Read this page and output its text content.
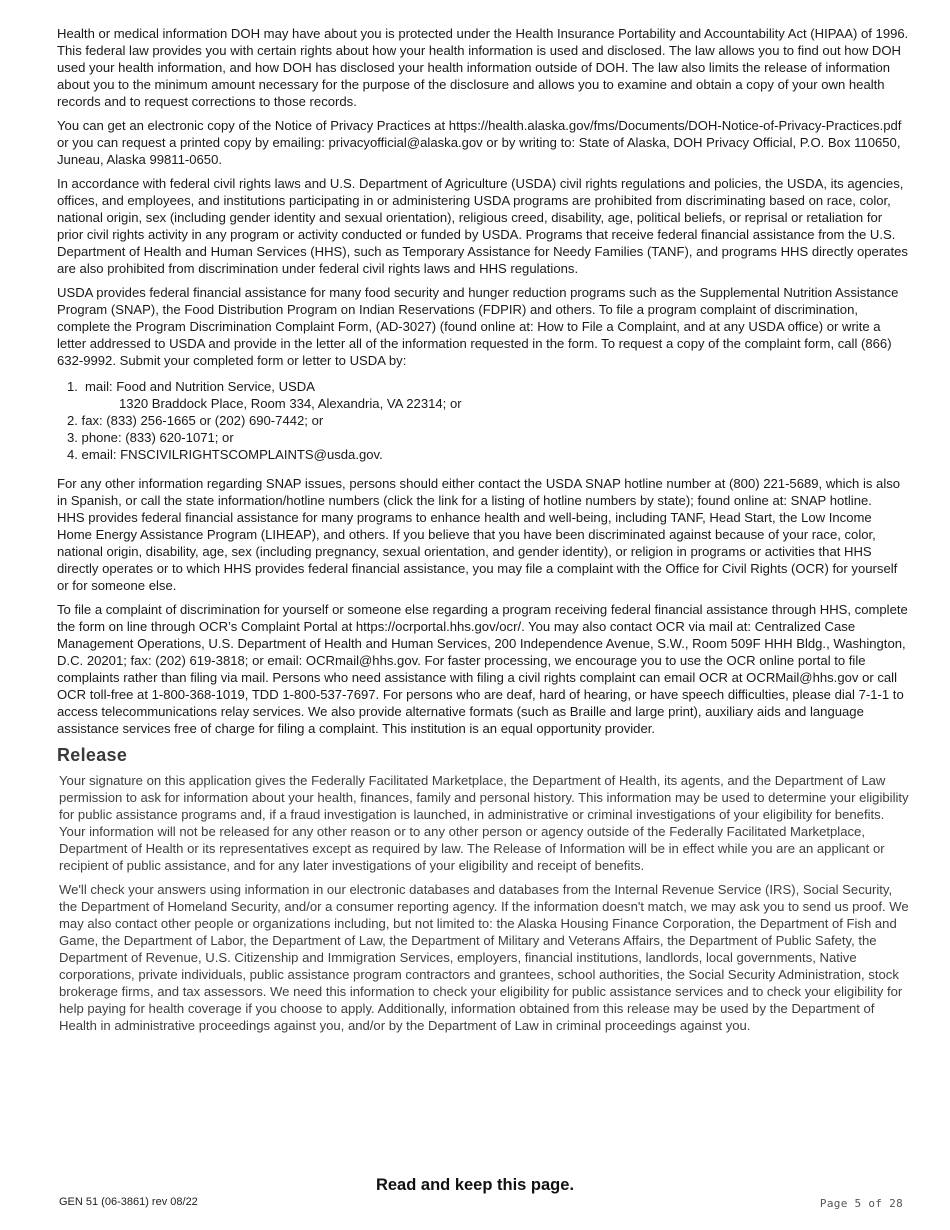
Health or medical information DOH may have about you is protected under the Health Insurance Portability and Accountability Act (HIPAA) of 1996. This federal law provides you with certain rights about how your health information is used and disclosed. The law allows you to find out how DOH used your health information, and how DOH has disclosed your health information outside of DOH. The law also limits the release of information about you to the minimum amount necessary for the purpose of the disclosure and allows you to examine and obtain a copy of your own health records and to request corrections to those records.

You can get an electronic copy of the Notice of Privacy Practices at https://health.alaska.gov/fms/Documents/DOH-Notice-of-Privacy-Practices.pdf or you can request a printed copy by emailing: privacyofficial@alaska.gov or by writing to: State of Alaska, DOH Privacy Official, P.O. Box 110650, Juneau, Alaska 99811-0650.

In accordance with federal civil rights laws and U.S. Department of Agriculture (USDA) civil rights regulations and policies, the USDA, its agencies, offices, and employees, and institutions participating in or administering USDA programs are prohibited from discriminating based on race, color, national origin, sex (including gender identity and sexual orientation), religious creed, disability, age, political beliefs, or reprisal or retaliation for prior civil rights activity in any program or activity conducted or funded by USDA. Programs that receive federal financial assistance from the U.S. Department of Health and Human Services (HHS), such as Temporary Assistance for Needy Families (TANF), and programs HHS directly operates are also prohibited from discrimination under federal civil rights laws and HHS regulations.

USDA provides federal financial assistance for many food security and hunger reduction programs such as the Supplemental Nutrition Assistance Program (SNAP), the Food Distribution Program on Indian Reservations (FDPIR) and others. To file a program complaint of discrimination, complete the Program Discrimination Complaint Form, (AD-3027) (found online at: How to File a Complaint, and at any USDA office) or write a letter addressed to USDA and provide in the letter all of the information requested in the form. To request a copy of the complaint form, call (866) 632-9992. Submit your completed form or letter to USDA by:

1. mail: Food and Nutrition Service, USDA
1320 Braddock Place, Room 334, Alexandria, VA 22314; or
2. fax: (833) 256-1665 or (202) 690-7442; or
3. phone: (833) 620-1071; or
4. email: FNSCIVILRIGHTSCOMPLAINTS@usda.gov.

For any other information regarding SNAP issues, persons should either contact the USDA SNAP hotline number at (800) 221-5689, which is also in Spanish, or call the state information/hotline numbers (click the link for a listing of hotline numbers by state); found online at: SNAP hotline.

HHS provides federal financial assistance for many programs to enhance health and well-being, including TANF, Head Start, the Low Income Home Energy Assistance Program (LIHEAP), and others. If you believe that you have been discriminated against because of your race, color, national origin, disability, age, sex (including pregnancy, sexual orientation, and gender identity), or religion in programs or activities that HHS directly operates or to which HHS provides federal financial assistance, you may file a complaint with the Office for Civil Rights (OCR) for yourself or for someone else.

To file a complaint of discrimination for yourself or someone else regarding a program receiving federal financial assistance through HHS, complete the form on line through OCR’s Complaint Portal at https://ocrportal.hhs.gov/ocr/. You may also contact OCR via mail at: Centralized Case Management Operations, U.S. Department of Health and Human Services, 200 Independence Avenue, S.W., Room 509F HHH Bldg., Washington, D.C. 20201; fax: (202) 619-3818; or email: OCRmail@hhs.gov. For faster processing, we encourage you to use the OCR online portal to file complaints rather than filing via mail. Persons who need assistance with filing a civil rights complaint can email OCR at OCRMail@hhs.gov or call OCR toll-free at 1-800-368-1019, TDD 1-800-537-7697. For persons who are deaf, hard of hearing, or have speech difficulties, please dial 7-1-1 to access telecommunications relay services. We also provide alternative formats (such as Braille and large print), auxiliary aids and language assistance services free of charge for filing a complaint. This institution is an equal opportunity provider.

Release

Your signature on this application gives the Federally Facilitated Marketplace, the Department of Health, its agents, and the Department of Law permission to ask for information about your health, finances, family and personal history. This information may be used to determine your eligibility for public assistance programs and, if a fraud investigation is launched, in administrative or criminal investigations of your eligibility for benefits. Your information will not be released for any other reason or to any other person or agency outside of the Federally Facilitated Marketplace, Department of Health or its representatives except as required by law. The Release of Information will be in effect while you are an applicant or recipient of public assistance, and for any later investigations of your eligibility and receipt of benefits.

We'll check your answers using information in our electronic databases and databases from the Internal Revenue Service (IRS), Social Security, the Department of Homeland Security, and/or a consumer reporting agency. If the information doesn't match, we may ask you to send us proof. We may also contact other people or organizations including, but not limited to: the Alaska Housing Finance Corporation, the Department of Fish and Game, the Department of Labor, the Department of Law, the Department of Military and Veterans Affairs, the Department of Public Safety, the Department of Revenue, U.S. Citizenship and Immigration Services, employers, financial institutions, landlords, local governments, Native corporations, private individuals, public assistance program contractors and grantees, school authorities, the Social Security Administration, stock brokerage firms, and tax assessors. We need this information to check your eligibility for public assistance services and to check your eligibility for help paying for health coverage if you choose to apply. Additionally, information obtained from this release may be used by the Department of Health in administrative proceedings against you, and/or by the Department of Law in criminal proceedings against you.

Read and keep this page.
GEN 51 (06-3861) rev 08/22	Page 5 of 28
